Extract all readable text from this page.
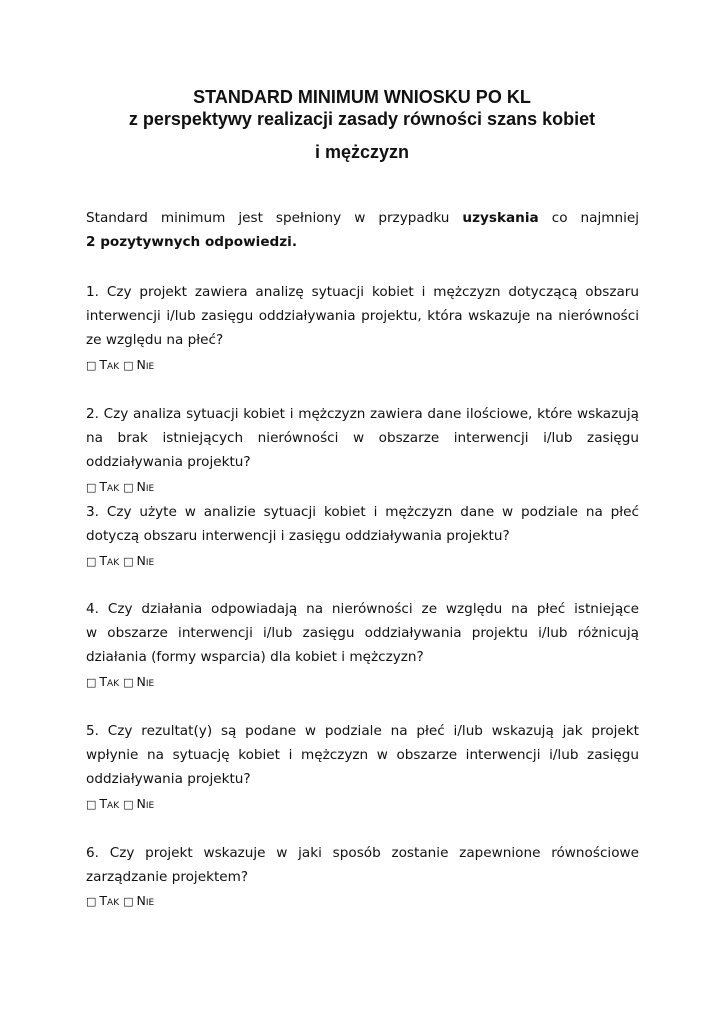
STANDARD MINIMUM WNIOSKU PO KL
z perspektywy realizacji zasady równości szans kobiet
i mężczyzn
Standard minimum jest spełniony w przypadku uzyskania co najmniej
2 pozytywnych odpowiedzi.
1. Czy projekt zawiera analizę sytuacji kobiet i mężczyzn dotyczącą obszaru
interwencji i/lub zasięgu oddziaływania projektu, która wskazuje na nierówności
ze względu na płeć?
□ Tak □ Nie
2. Czy analiza sytuacji kobiet i mężczyzn zawiera dane ilościowe, które wskazują
na brak istniejących nierówności w obszarze interwencji i/lub zasięgu
oddziaływania projektu?
□ Tak □ Nie
3. Czy użyte w analizie sytuacji kobiet i mężczyzn dane w podziale na płeć
dotyczą obszaru interwencji i zasięgu oddziaływania projektu?
□ Tak □ Nie
4. Czy działania odpowiadają na nierówności ze względu na płeć istniejące
w obszarze interwencji i/lub zasięgu oddziaływania projektu i/lub różnicują
działania (formy wsparcia) dla kobiet i mężczyzn?
□ Tak □ Nie
5. Czy rezultat(y) są podane w podziale na płeć i/lub wskazują jak projekt
wpłynie na sytuację kobiet i mężczyzn w obszarze interwencji i/lub zasięgu
oddziaływania projektu?
□ Tak □ Nie
6. Czy projekt wskazuje w jaki sposób zostanie zapewnione równościowe
zarządzanie projektem?
□ Tak □ Nie
